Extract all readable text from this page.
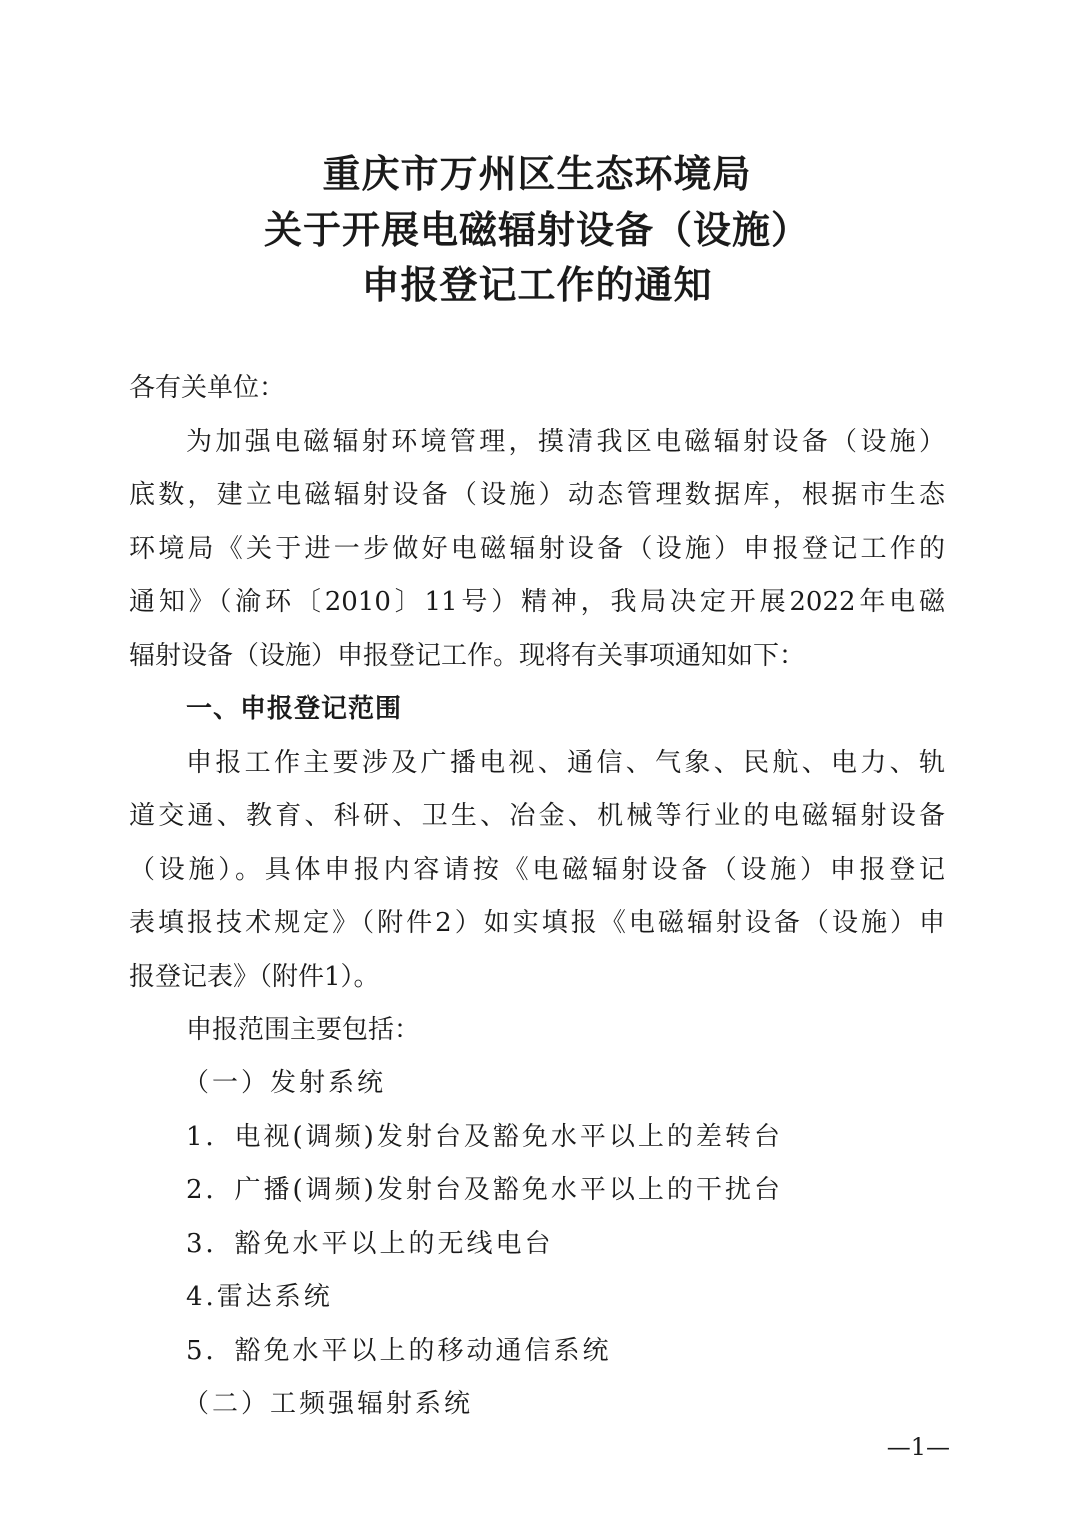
重庆市万州区生态环境局
关于开展电磁辐射设备（设施）
申报登记工作的通知
各有关单位：
为加强电磁辐射环境管理，摸清我区电磁辐射设备（设施）
底数，建立电磁辐射设备（设施）动态管理数据库，根据市生态
环境局《关于进一步做好电磁辐射设备（设施）申报登记工作的
通知》（渝环〔2010〕11号）精神，我局决定开展2022年电磁
辐射设备（设施）申报登记工作。现将有关事项通知如下：
一、申报登记范围
申报工作主要涉及广播电视、通信、气象、民航、电力、轨
道交通、教育、科研、卫生、冶金、机械等行业的电磁辐射设备
（设施）。具体申报内容请按《电磁辐射设备（设施）申报登记
表填报技术规定》（附件2）如实填报《电磁辐射设备（设施）申
报登记表》（附件1）。
申报范围主要包括：
（一）发射系统
1．电视(调频)发射台及豁免水平以上的差转台
2．广播(调频)发射台及豁免水平以上的干扰台
3．豁免水平以上的无线电台
4.雷达系统
5．豁免水平以上的移动通信系统
（二）工频强辐射系统
—1—
